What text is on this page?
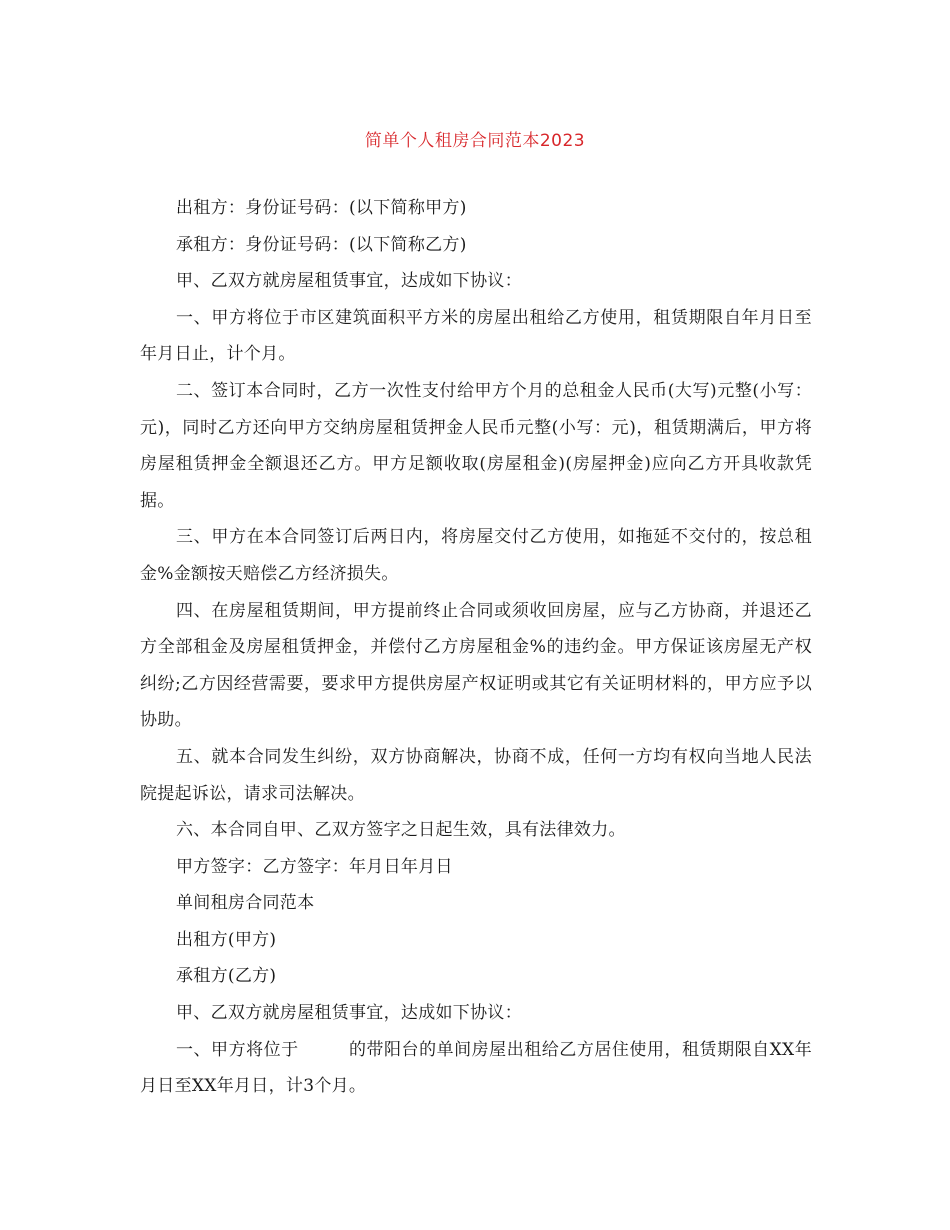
简单个人租房合同范本2023

出租方：身份证号码：(以下简称甲方)

承租方：身份证号码：(以下简称乙方)

甲、乙双方就房屋租赁事宜，达成如下协议：

一、甲方将位于市区建筑面积平方米的房屋出租给乙方使用，租赁期限自年月日至年月日止，计个月。

二、签订本合同时，乙方一次性支付给甲方个月的总租金人民币(大写)元整(小写：元)，同时乙方还向甲方交纳房屋租赁押金人民币元整(小写：元)，租赁期满后，甲方将房屋租赁押金全额退还乙方。甲方足额收取(房屋租金)(房屋押金)应向乙方开具收款凭据。

三、甲方在本合同签订后两日内，将房屋交付乙方使用，如拖延不交付的，按总租金%金额按天赔偿乙方经济损失。

四、在房屋租赁期间，甲方提前终止合同或须收回房屋，应与乙方协商，并退还乙方全部租金及房屋租赁押金，并偿付乙方房屋租金%的违约金。甲方保证该房屋无产权纠纷;乙方因经营需要，要求甲方提供房屋产权证明或其它有关证明材料的，甲方应予以协助。

五、就本合同发生纠纷，双方协商解决，协商不成，任何一方均有权向当地人民法院提起诉讼，请求司法解决。

六、本合同自甲、乙双方签字之日起生效，具有法律效力。

甲方签字：乙方签字：年月日年月日

单间租房合同范本

出租方(甲方)

承租方(乙方)

甲、乙双方就房屋租赁事宜，达成如下协议：

一、甲方将位于	的带阳台的单间房屋出租给乙方居住使用，租赁期限自XX年月日至XX年月日，计3个月。
